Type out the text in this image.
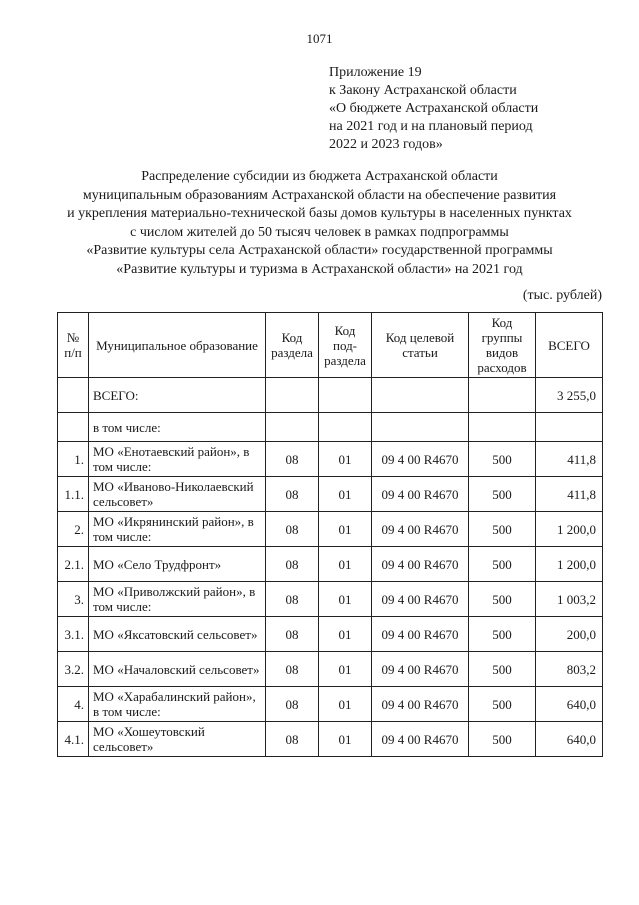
1071
Приложение 19
к Закону Астраханской области
«О бюджете Астраханской области
на 2021 год и на плановый период
2022 и 2023 годов»
Распределение субсидии из бюджета Астраханской области
муниципальным образованиям Астраханской области на обеспечение развития
и укрепления материально-технической базы домов культуры в населенных пунктах
с числом жителей до 50 тысяч человек в рамках подпрограммы
«Развитие культуры села Астраханской области» государственной программы
«Развитие культуры и туризма в Астраханской области» на 2021 год
(тыс. рублей)
№ п/п	Муниципальное образование	Код раздела	Код под-раздела	Код целевой статьи	Код группы видов расходов	ВСЕГО
	ВСЕГО:					3 255,0
	в том числе:					
1.	МО «Енотаевский район», в том числе:	08	01	09 4 00 R4670	500	411,8
1.1.	МО «Иваново-Николаевский сельсовет»	08	01	09 4 00 R4670	500	411,8
2.	МО «Икрянинский район», в том числе:	08	01	09 4 00 R4670	500	1 200,0
2.1.	МО «Село Трудфронт»	08	01	09 4 00 R4670	500	1 200,0
3.	МО «Приволжский район», в том числе:	08	01	09 4 00 R4670	500	1 003,2
3.1.	МО «Яксатовский сельсовет»	08	01	09 4 00 R4670	500	200,0
3.2.	МО «Началовский сельсовет»	08	01	09 4 00 R4670	500	803,2
4.	МО «Харабалинский район», в том числе:	08	01	09 4 00 R4670	500	640,0
4.1.	МО «Хошеутовский сельсовет»	08	01	09 4 00 R4670	500	640,0
